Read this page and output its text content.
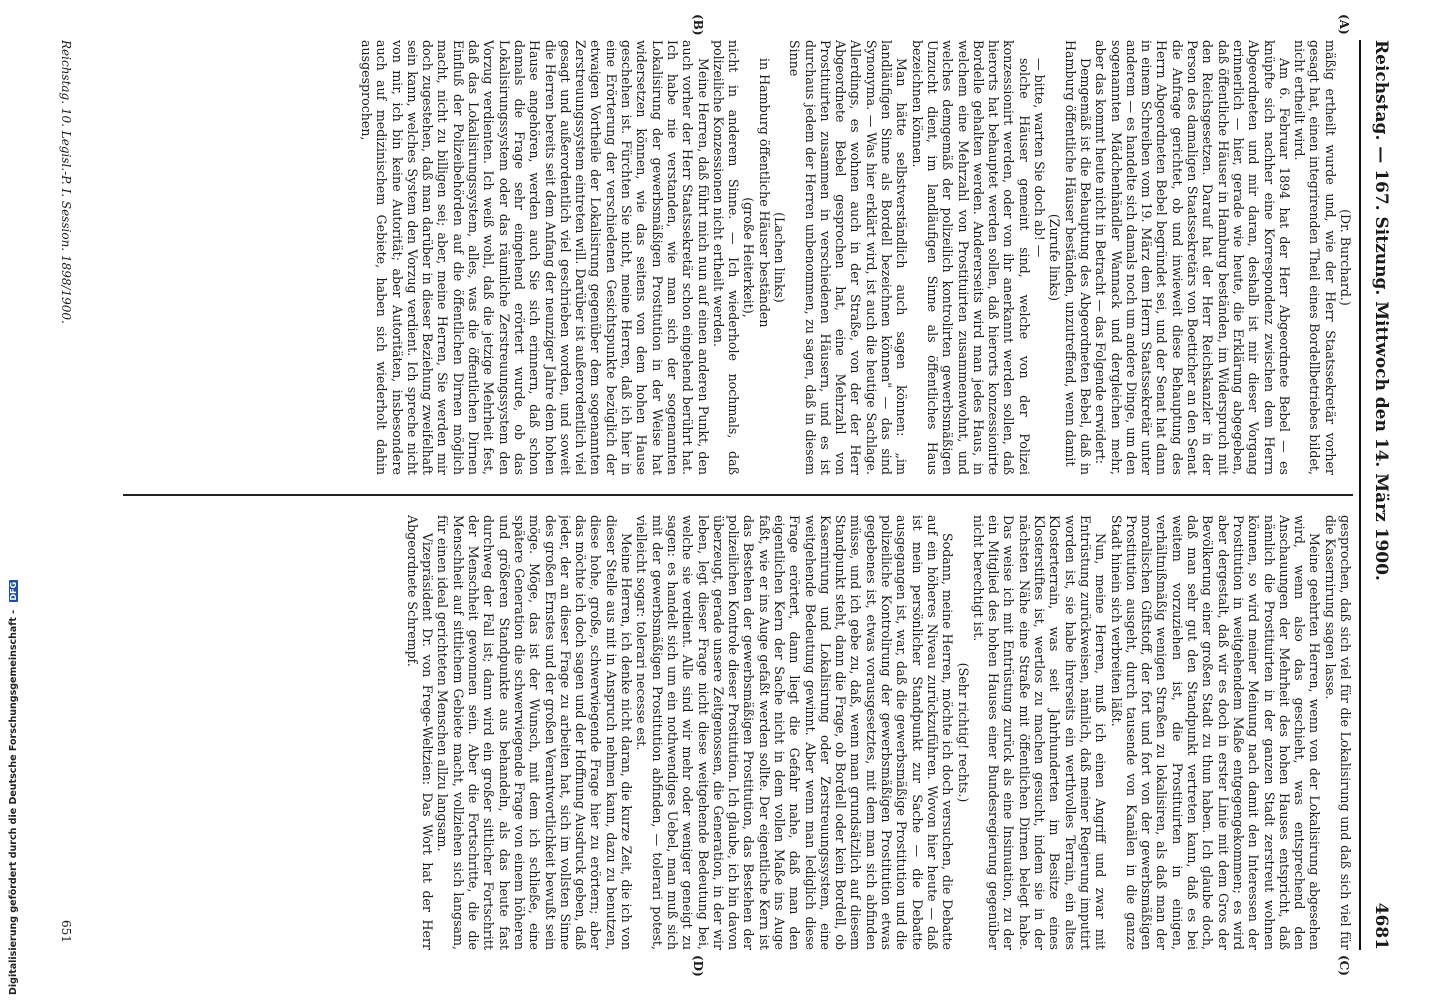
Reichstag. — 167. Sitzung. Mittwoch den 14. März 1900.
4681

(Dr. Burchard.)

mäßig ertheilt wurde und, wie der Herr Staatssekretär vorher gesagt hat, einen integrirenden Theil eines Bordellbetriebes bildet, nicht ertheilt wird.

Am 6. Februar 1894 hat der Herr Abgeordnete Bebel — es knüpfte sich nachher eine Korrespondenz zwischen dem Herrn Abgeordneten und mir daran, deshalb ist mir dieser Vorgang erinnerlich — hier, gerade wie heute, die Erklärung abgegeben, daß öffentliche Häuser in Hamburg beständen, im Widerspruch mit den Reichsgesetzen. Darauf hat der Herr Reichskanzler in der Person des damaligen Staatssekretärs von Boetticher an den Senat die Anfrage gerichtet, ob und inwieweit diese Behauptung des Herrn Abgeordneten Bebel begründet sei, und der Senat hat dann in einem Schreiben vom 19. März dem Herrn Staatssekretär unter anderem — es handelte sich damals noch um andere Dinge, um den sogenannten Mädchenhändler Wannack und dergleichen mehr, aber das kommt heute nicht in Betracht — das Folgende erwidert:

Demgemäß ist die Behauptung des Abgeordneten Bebel, daß in Hamburg öffentliche Häuser beständen, unzutreffend, wenn damit

(Zurufe links)

— bitte, warten Sie doch ab! —

solche Häuser gemeint sind, welche von der Polizei konzessionirt werden, oder von ihr anerkannt werden sollen, daß hierorts hat behauptet werden sollen, daß hierorts konzessionirte Bordelle gehalten werden. Andererseits wird man jedes Haus, in welchem eine Mehrzahl von Prostituirten zusammenwohnt, und welches demgemäß der polizeilich kontrolirten gewerbsmäßigen Unzucht dient, im landläufigen Sinne als öffentliches Haus bezeichnen können.

Man hätte selbstverständlich auch sagen können: „im landläufigen Sinne als Bordell bezeichnen können" — das sind Synonyma. — Was hier erklärt wird, ist auch die heutige Sachlage. Allerdings, es wohnen auch in der Straße, von der der Herr Abgeordnete Bebel gesprochen hat, eine Mehrzahl von Prostituirten zusammen in verschiedenen Häusern, und es ist durchaus jedem der Herren unbenommen, zu sagen, daß in diesem Sinne

(Lachen links)

in Hamburg öffentliche Häuser beständen

(große Heiterkeit),

nicht in anderem Sinne. — Ich wiederhole nochmals, daß polizeiliche Konzessionen nicht ertheilt werden.

Meine Herren, daß führt mich nun auf einen anderen Punkt, den auch vorher der Herr Staatssekretär schon eingehend berührt hat. Ich habe nie verstanden, wie man sich der sogenannten Lokalisirung der gewerbsmäßigen Prostitution in der Weise hat widersetzen können, wie das seitens von dem hohen Hause geschehen ist. Fürchten Sie nicht, meine Herren, daß ich hier in eine Erörterung der verschiedenen Gesichtspunkte bezüglich der etwaigen Vortheile der Lokalisirung gegenüber dem sogenannten Zerstreuungssystem eintreten will. Darüber ist außerordentlich viel gesagt und außerordentlich viel geschrieben worden, und soweit die Herren bereits seit dem Anfang der neunziger Jahre dem hohen Hause angehören, werden auch Sie sich erinnern, daß schon damals die Frage sehr eingehend erörtert wurde, ob das Lokalisirungssystem oder das räumliche Zerstreuungssystem den Vorzug verdienten. Ich weiß wohl, daß die jetzige Mehrheit fest, daß das Lokalisirungssystem, alles, was die öffentlichen Dirnen Einfluß der Polizeibehörden auf die öffentlichen Dirnen möglich macht, nicht zu billigen sei; aber, meine Herren, Sie werden mir doch zugestehen, daß man darüber in dieser Beziehung zweifelhaft sein kann, welches System den Vorzug verdient. Ich spreche nicht von mir, ich bin keine Autorität; aber Autoritäten, insbesondere auch auf medizinischem Gebiete, haben sich wiederholt dahin ausgesprochen,

gesprochen, daß sich viel für die Lokalisirung und daß sich viel für die Kasernirung sagen lasse.

Meine geehrten Herren, wenn von der Lokalisirung abgesehen wird, wenn also das geschieht, was entsprechend den Anschauungen der Mehrheit des hohen Hauses entspricht, daß nämlich die Prostituirten in der ganzen Stadt zerstreut wohnen können, so wird meiner Meinung nach damit den Interessen der Prostitution in weitgehendem Maße entgegengekommen; es wird aber dergestalt, daß wir es doch in erster Linie mit dem Gros der Bevölkerung einer großen Stadt zu thun haben. Ich glaube doch, daß man sehr gut den Standpunkt vertreten kann, daß es bei weitem vorzuziehen ist, die Prostituirten in einigen, verhältnißmäßig wenigen Straßen zu lokalisiren, als daß man der moralischen Giftstoff, der fort und fort von der gewerbsmäßigen Prostitution ausgeht, durch tausende von Kanälen in die ganze Stadt hinein sich verbreiten läßt.

Nun, meine Herren, muß ich einen Angriff und zwar mit Entrüstung zurückweisen, nämlich, daß meiner Regierung imputirt worden ist, sie habe ihrerseits ein werthvolles Terrain, ein altes Klosterterrain, was seit Jahrhunderten im Besitze eines Klosterstiftes ist, wertlos zu machen gesucht, indem sie in der nächsten Nähe eine Straße mit öffentlichen Dirnen belegt habe. Das weise ich mit Entrüstung zurück als eine Insinuation, zu der ein Mitglied des hohen Hauses einer Bundesregierung gegenüber nicht berechtigt ist.

(Sehr richtig! rechts.)

Sodann, meine Herren, möchte ich doch versuchen, die Debatte auf ein höheres Niveau zurückzuführen. Wovon hier heute — daß ist mein persönlicher Standpunkt zur Sache — die Debatte ausgegangen ist, war, daß die gewerbsmäßige Prostitution und die polizeiliche Kontrolirung der gewerbsmäßigen Prostitution etwas gegebenes ist, etwas vorausgesetztes, mit dem man sich abfinden müsse, und ich gebe zu, daß, wenn man grundsätzlich auf diesem Standpunkt steht, dann die Frage, ob Bordell oder kein Bordell, ob Kasernirung und Lokalisirung oder Zerstreuungssystem, eine weitgehende Bedeutung gewinnt. Aber wenn man lediglich diese Frage erörtert, dann liegt die Gefahr nahe, daß man den eigentlichen Kern der Sache nicht in dem vollen Maße ins Auge faßt, wie er ins Auge gefaßt werden sollte. Der eigentliche Kern ist das Bestehen der gewerbsmäßigen Prostitution, das Bestehen der polizeilichen Kontrole dieser Prostitution. Ich glaube, ich bin davon überzeugt, gerade unsere Zeitgenossen, die Generation, in der wir leben, legt dieser Frage nicht diese weitgehende Bedeutung bei, welche sie verdient. Alle sind wir mehr oder weniger geneigt zu sagen: es handelt sich um ein nothwendiges Uebel, man muß sich mit der gewerbsmäßigen Prostitution abfinden, — tolerari potest, vielleicht sogar: tolerari necesse est.

Meine Herren, ich denke nicht daran, die kurze Zeit, die ich von dieser Stelle aus mit in Anspruch nehmen kann, dazu zu benutzen, diese hohe, große, schwerwiegende Frage hier zu erörtern; aber das möchte ich doch sagen und der Hoffnung Ausdruck geben, daß jeder, der an dieser Frage zu arbeiten hat, sich im vollsten Sinne des großen Ernstes und der großen Verantwortlichkeit bewußt sein möge. Möge, das ist der Wunsch, mit dem ich schließe, eine spätere Generation die schwerwiegende Frage von einem höheren und größeren Standpunkte aus behandeln, als das heute fast durchweg der Fall ist; dann wird ein großer sittlicher Fortschritt der Menschheit gewonnen sein. Aber die Fortschritte, die die Menschheit auf sittlichem Gebiete macht, vollziehen sich langsam, für einen ideal gerichteten Menschen allzu langsam.

Vizepräsident Dr. von Frege-Weltzien: Das Wort hat der Herr Abgeordnete Schrempf.

(A)
(B)
(C)
(D)
Reichstag. 10. Legisl.-P. I. Session. 1898/1900.
651
Digitalisierung gefördert durch die Deutsche Forschungsgemeinschaft - DFG
